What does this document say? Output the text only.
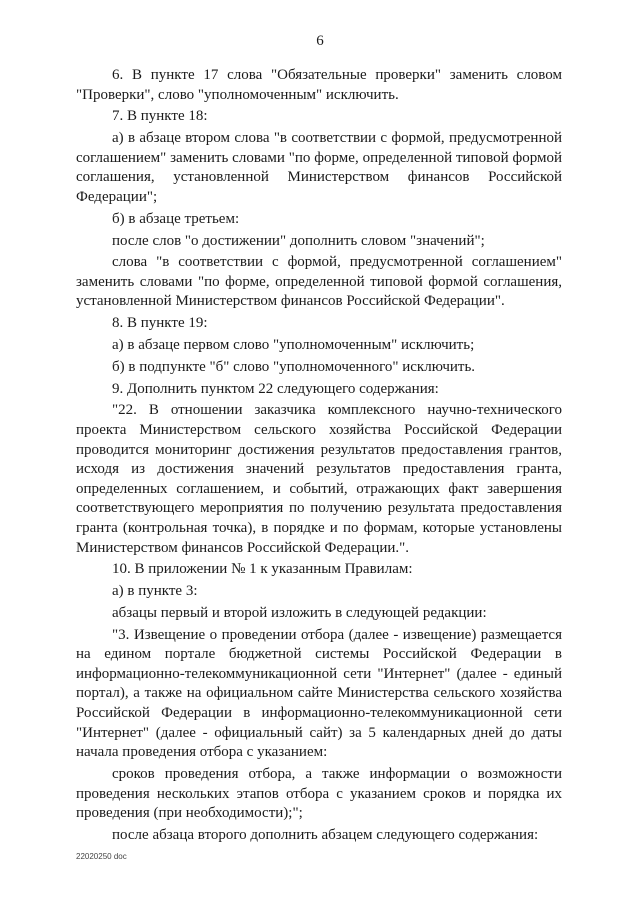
6

6. В пункте 17 слова "Обязательные проверки" заменить словом "Проверки", слово "уполномоченным" исключить.

7. В пункте 18:

а) в абзаце втором слова "в соответствии с формой, предусмотренной соглашением" заменить словами "по форме, определенной типовой формой соглашения, установленной Министерством финансов Российской Федерации";

б) в абзаце третьем:

после слов "о достижении" дополнить словом "значений";

слова "в соответствии с формой, предусмотренной соглашением" заменить словами "по форме, определенной типовой формой соглашения, установленной Министерством финансов Российской Федерации".

8. В пункте 19:

а) в абзаце первом слово "уполномоченным" исключить;

б) в подпункте "б" слово "уполномоченного" исключить.

9. Дополнить пунктом 22 следующего содержания:

"22. В отношении заказчика комплексного научно-технического проекта Министерством сельского хозяйства Российской Федерации проводится мониторинг достижения результатов предоставления грантов, исходя из достижения значений результатов предоставления гранта, определенных соглашением, и событий, отражающих факт завершения соответствующего мероприятия по получению результата предоставления гранта (контрольная точка), в порядке и по формам, которые установлены Министерством финансов Российской Федерации.".

10. В приложении № 1 к указанным Правилам:

а) в пункте 3:

абзацы первый и второй изложить в следующей редакции:

"3. Извещение о проведении отбора (далее - извещение) размещается на едином портале бюджетной системы Российской Федерации в информационно-телекоммуникационной сети "Интернет" (далее - единый портал), а также на официальном сайте Министерства сельского хозяйства Российской Федерации в информационно-телекоммуникационной сети "Интернет" (далее - официальный сайт) за 5 календарных дней до даты начала проведения отбора с указанием:

сроков проведения отбора, а также информации о возможности проведения нескольких этапов отбора с указанием сроков и порядка их проведения (при необходимости);";

после абзаца второго дополнить абзацем следующего содержания:

22020250 doc
